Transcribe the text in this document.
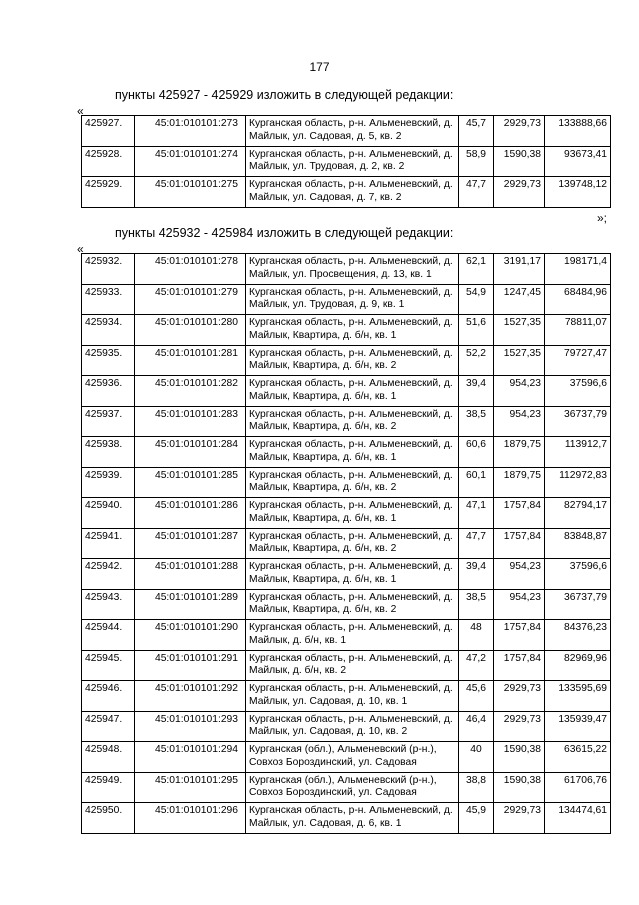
177
пункты 425927 - 425929 изложить в следующей редакции:
«
425927.	45:01:010101:273	Курганская область, р-н. Альменевский, д. Майлык, ул. Садовая, д. 5, кв. 2	45,7	2929,73	133888,66
425928.	45:01:010101:274	Курганская область, р-н. Альменевский, д. Майлык, ул. Трудовая, д. 2, кв. 2	58,9	1590,38	93673,41
425929.	45:01:010101:275	Курганская область, р-н. Альменевский, д. Майлык, ул. Садовая, д. 7, кв. 2	47,7	2929,73	139748,12
»;
пункты 425932 - 425984 изложить в следующей редакции:
«
425932.	45:01:010101:278	Курганская область, р-н. Альменевский, д. Майлык, ул. Просвещения, д. 13, кв. 1	62,1	3191,17	198171,4
425933.	45:01:010101:279	Курганская область, р-н. Альменевский, д. Майлык, ул. Трудовая, д. 9, кв. 1	54,9	1247,45	68484,96
425934.	45:01:010101:280	Курганская область, р-н. Альменевский, д. Майлык, Квартира, д. б/н, кв. 1	51,6	1527,35	78811,07
425935.	45:01:010101:281	Курганская область, р-н. Альменевский, д. Майлык, Квартира, д. б/н, кв. 2	52,2	1527,35	79727,47
425936.	45:01:010101:282	Курганская область, р-н. Альменевский, д. Майлык, Квартира, д. б/н, кв. 1	39,4	954,23	37596,6
425937.	45:01:010101:283	Курганская область, р-н. Альменевский, д. Майлык, Квартира, д. б/н, кв. 2	38,5	954,23	36737,79
425938.	45:01:010101:284	Курганская область, р-н. Альменевский, д. Майлык, Квартира, д. б/н, кв. 1	60,6	1879,75	113912,7
425939.	45:01:010101:285	Курганская область, р-н. Альменевский, д. Майлык, Квартира, д. б/н, кв. 2	60,1	1879,75	112972,83
425940.	45:01:010101:286	Курганская область, р-н. Альменевский, д. Майлык, Квартира, д. б/н, кв. 1	47,1	1757,84	82794,17
425941.	45:01:010101:287	Курганская область, р-н. Альменевский, д. Майлык, Квартира, д. б/н, кв. 2	47,7	1757,84	83848,87
425942.	45:01:010101:288	Курганская область, р-н. Альменевский, д. Майлык, Квартира, д. б/н, кв. 1	39,4	954,23	37596,6
425943.	45:01:010101:289	Курганская область, р-н. Альменевский, д. Майлык, Квартира, д. б/н, кв. 2	38,5	954,23	36737,79
425944.	45:01:010101:290	Курганская область, р-н. Альменевский, д. Майлык, д. б/н, кв. 1	48	1757,84	84376,23
425945.	45:01:010101:291	Курганская область, р-н. Альменевский, д. Майлык, д. б/н, кв. 2	47,2	1757,84	82969,96
425946.	45:01:010101:292	Курганская область, р-н. Альменевский, д. Майлык, ул. Садовая, д. 10, кв. 1	45,6	2929,73	133595,69
425947.	45:01:010101:293	Курганская область, р-н. Альменевский, д. Майлык, ул. Садовая, д. 10, кв. 2	46,4	2929,73	135939,47
425948.	45:01:010101:294	Курганская (обл.), Альменевский (р-н.), Совхоз Бороздинский, ул. Садовая	40	1590,38	63615,22
425949.	45:01:010101:295	Курганская (обл.), Альменевский (р-н.), Совхоз Бороздинский, ул. Садовая	38,8	1590,38	61706,76
425950.	45:01:010101:296	Курганская область, р-н. Альменевский, д. Майлык, ул. Садовая, д. 6, кв. 1	45,9	2929,73	134474,61
